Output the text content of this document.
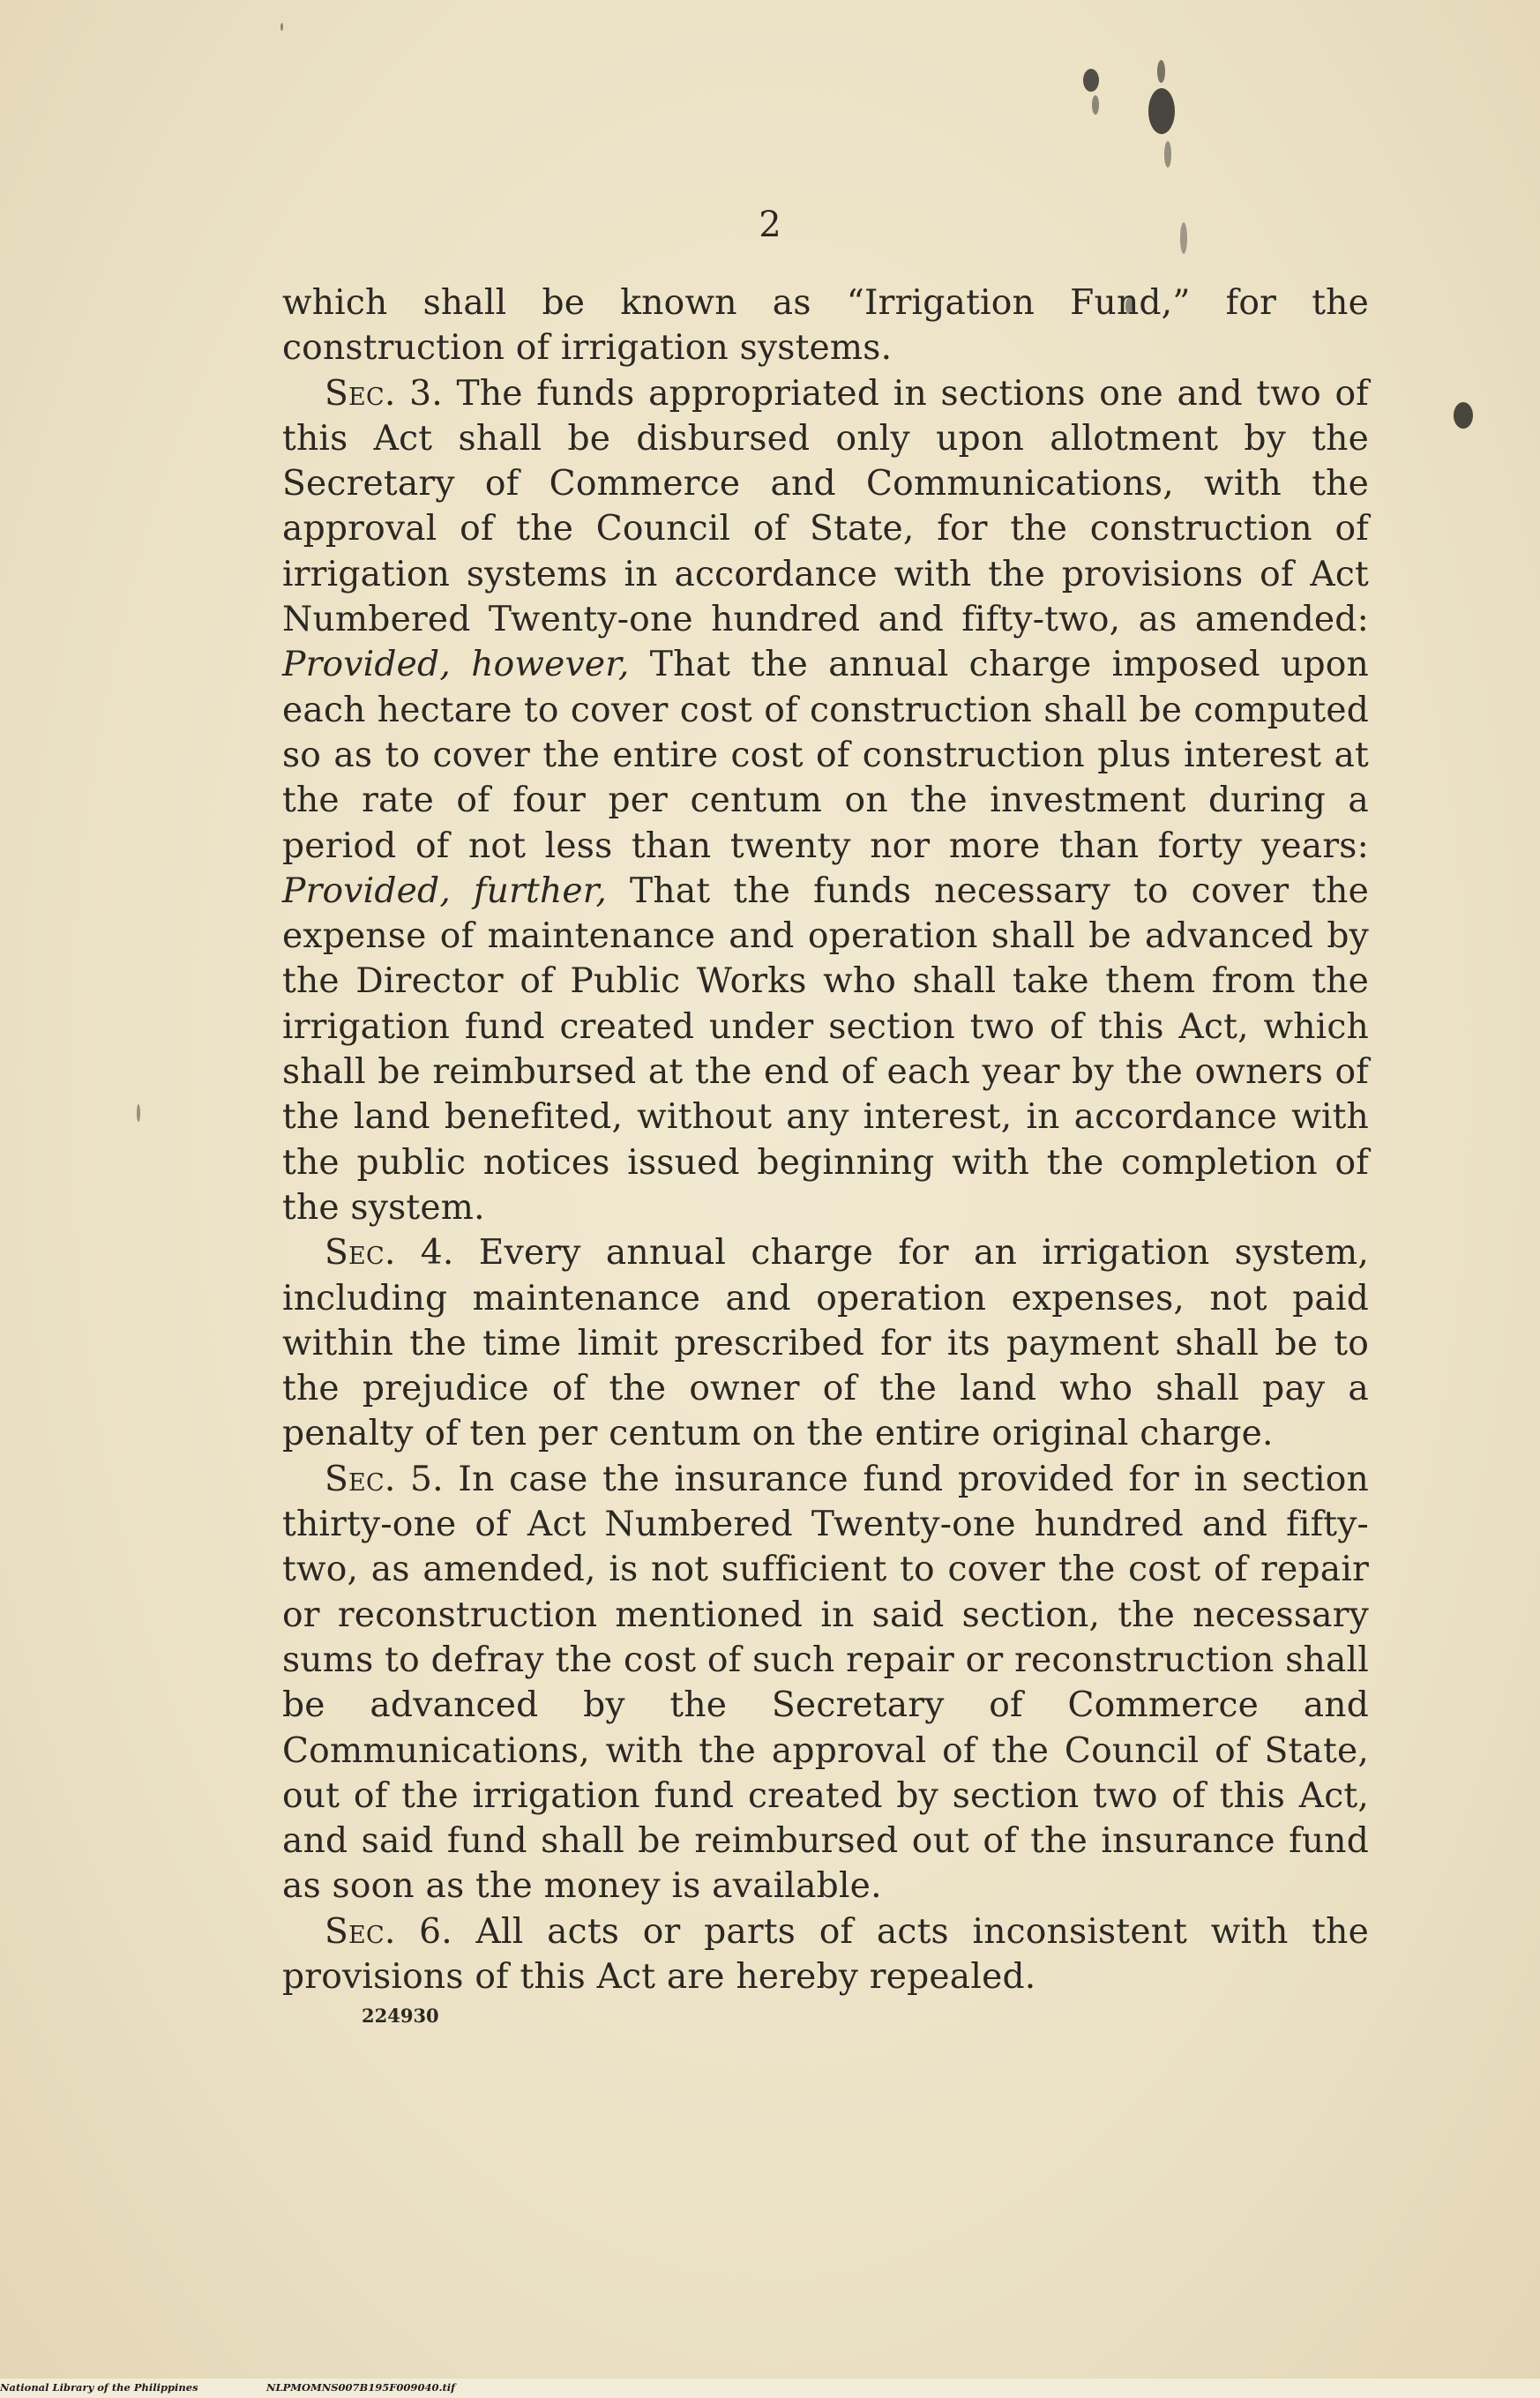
2

which shall be known as “Irrigation Fund,” for the construction of irrigation systems.

Sec. 3. The funds appropriated in sections one and two of this Act shall be disbursed only upon allotment by the Secretary of Commerce and Communications, with the approval of the Council of State, for the construction of irrigation systems in accordance with the provisions of Act Numbered Twenty-one hundred and fifty-two, as amended: Provided, however, That the annual charge imposed upon each hectare to cover cost of construction shall be computed so as to cover the entire cost of construction plus interest at the rate of four per centum on the investment during a period of not less than twenty nor more than forty years: Provided, further, That the funds necessary to cover the expense of maintenance and operation shall be advanced by the Director of Public Works who shall take them from the irrigation fund created under section two of this Act, which shall be reimbursed at the end of each year by the owners of the land benefited, without any interest, in accordance with the public notices issued beginning with the completion of the system.

Sec. 4. Every annual charge for an irrigation system, including maintenance and operation expenses, not paid within the time limit prescribed for its payment shall be to the prejudice of the owner of the land who shall pay a penalty of ten per centum on the entire original charge.

Sec. 5. In case the insurance fund provided for in section thirty-one of Act Numbered Twenty-one hundred and fifty-two, as amended, is not sufficient to cover the cost of repair or reconstruction mentioned in said section, the necessary sums to defray the cost of such repair or reconstruction shall be advanced by the Secretary of Commerce and Communications, with the approval of the Council of State, out of the irrigation fund created by section two of this Act, and said fund shall be reimbursed out of the insurance fund as soon as the money is available.

Sec. 6. All acts or parts of acts inconsistent with the provisions of this Act are hereby repealed.

224930
National Library of the Philippines	NLPMOMNS007B195F009040.tif
